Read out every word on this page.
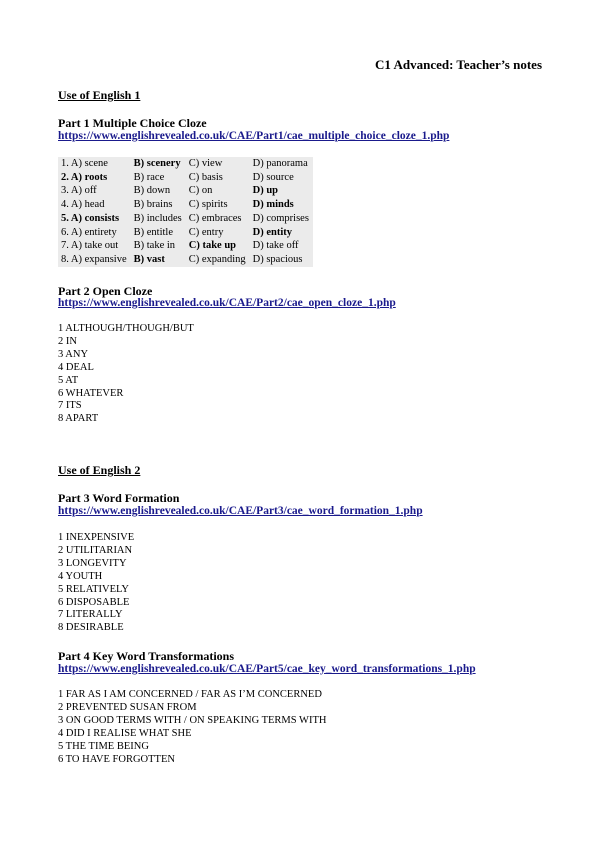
C1 Advanced: Teacher’s notes
Use of English 1
Part 1 Multiple Choice Cloze
https://www.englishrevealed.co.uk/CAE/Part1/cae_multiple_choice_cloze_1.php
1. A) scene	B) scenery	C) view	D) panorama
2. A) roots	B) race	C) basis	D) source
3. A) off	B) down	C) on	D) up
4. A) head	B) brains	C) spirits	D) minds
5. A) consists	B) includes	C) embraces	D) comprises
6. A) entirety	B) entitle	C) entry	D) entity
7. A) take out	B) take in	C) take up	D) take off
8. A) expansive	B) vast	C) expanding	D) spacious
Part 2 Open Cloze
https://www.englishrevealed.co.uk/CAE/Part2/cae_open_cloze_1.php
1 ALTHOUGH/THOUGH/BUT
2 IN
3 ANY
4 DEAL
5 AT
6 WHATEVER
7 ITS
8 APART
Use of English 2
Part 3 Word Formation
https://www.englishrevealed.co.uk/CAE/Part3/cae_word_formation_1.php
1 INEXPENSIVE
2 UTILITARIAN
3 LONGEVITY
4 YOUTH
5 RELATIVELY
6 DISPOSABLE
7 LITERALLY
8 DESIRABLE
Part 4 Key Word Transformations
https://www.englishrevealed.co.uk/CAE/Part5/cae_key_word_transformations_1.php
1 FAR AS I AM CONCERNED / FAR AS I’M CONCERNED
2 PREVENTED SUSAN FROM
3 ON GOOD TERMS WITH / ON SPEAKING TERMS WITH
4 DID I REALISE WHAT SHE
5 THE TIME BEING
6 TO HAVE FORGOTTEN
